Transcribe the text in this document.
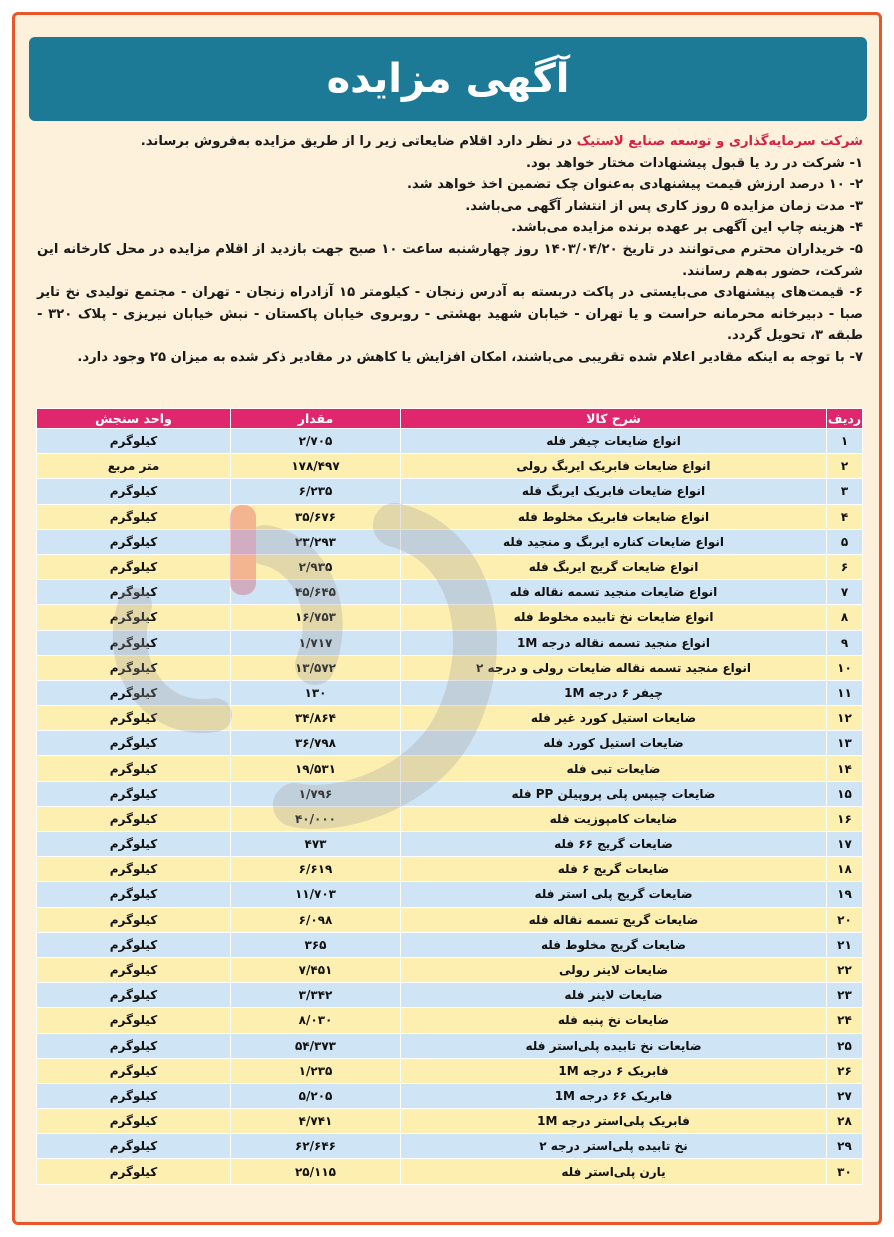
آگهی مزایده

شرکت سرمایه‌گذاری و توسعه صنایع لاستیک در نظر دارد اقلام ضایعاتی زیر را از طریق مزایده به‌فروش برساند.

۱- شرکت در رد یا قبول پیشنهادات مختار خواهد بود.

۲- ۱۰ درصد ارزش قیمت پیشنهادی به‌عنوان چک تضمین اخذ خواهد شد.

۳- مدت زمان مزایده ۵ روز کاری پس از انتشار آگهی می‌باشد.

۴- هزینه چاپ این آگهی بر عهده برنده مزایده می‌باشد.

۵- خریداران محترم می‌توانند در تاریخ ۱۴۰۳/۰۴/۲۰ روز چهارشنبه ساعت ۱۰ صبح جهت بازدید از اقلام مزایده در محل کارخانه این شرکت، حضور به‌هم رسانند.

۶- قیمت‌های پیشنهادی می‌بایستی در پاکت دربسته به آدرس زنجان - کیلومتر ۱۵ آزادراه زنجان - تهران - مجتمع تولیدی نخ تایر صبا - دبیرخانه محرمانه حراست و یا تهران - خیابان شهید بهشتی - روبروی خیابان پاکستان - نبش خیابان نیریزی - پلاک ۳۲۰ - طبقه ۳، تحویل گردد.

۷- با توجه به اینکه مقادیر اعلام شده تقریبی می‌باشند، امکان افزایش یا کاهش در مقادیر ذکر شده به میزان ۲۵ وجود دارد.

ردیف	شرح کالا	مقدار	واحد سنجش
۱	انواع ضایعات چیفر فله	۲/۷۰۵	کیلوگرم
۲	انواع ضایعات فابریک ایربگ رولی	۱۷۸/۴۹۷	متر مربع
۳	انواع ضایعات فابریک ایربگ فله	۶/۲۳۵	کیلوگرم
۴	انواع ضایعات فابریک مخلوط فله	۳۵/۶۷۶	کیلوگرم
۵	انواع ضایعات کناره ایربگ و منجید فله	۲۳/۲۹۳	کیلوگرم
۶	انواع ضایعات گریج ایربگ فله	۲/۹۳۵	کیلوگرم
۷	انواع ضایعات منجید تسمه نقاله فله	۴۵/۶۴۵	کیلوگرم
۸	انواع ضایعات نخ تابیده مخلوط فله	۱۶/۷۵۳	کیلوگرم
۹	انواع منجید تسمه نقاله درجه 1M	۱/۷۱۷	کیلوگرم
۱۰	انواع منجید تسمه نقاله ضایعات رولی و درجه ۲	۱۳/۵۷۲	کیلوگرم
۱۱	چیفر ۶ درجه 1M	۱۳۰	کیلوگرم
۱۲	ضایعات استیل کورد غیر فله	۳۴/۸۶۴	کیلوگرم
۱۳	ضایعات استیل کورد فله	۳۶/۷۹۸	کیلوگرم
۱۴	ضایعات تبی فله	۱۹/۵۳۱	کیلوگرم
۱۵	ضایعات چیپس پلی پروپیلن PP فله	۱/۷۹۶	کیلوگرم
۱۶	ضایعات کامپوزیت فله	۴۰/۰۰۰	کیلوگرم
۱۷	ضایعات گریج ۶۶ فله	۴۷۳	کیلوگرم
۱۸	ضایعات گریج ۶ فله	۶/۶۱۹	کیلوگرم
۱۹	ضایعات گریج پلی استر فله	۱۱/۷۰۳	کیلوگرم
۲۰	ضایعات گریج تسمه نقاله فله	۶/۰۹۸	کیلوگرم
۲۱	ضایعات گریج مخلوط فله	۳۶۵	کیلوگرم
۲۲	ضایعات لاینر رولی	۷/۴۵۱	کیلوگرم
۲۳	ضایعات لاینر فله	۳/۳۴۲	کیلوگرم
۲۴	ضایعات نخ پنبه فله	۸/۰۳۰	کیلوگرم
۲۵	ضایعات نخ تابیده پلی‌استر فله	۵۴/۳۷۳	کیلوگرم
۲۶	فابریک ۶ درجه 1M	۱/۲۳۵	کیلوگرم
۲۷	فابریک ۶۶ درجه 1M	۵/۲۰۵	کیلوگرم
۲۸	فابریک پلی‌استر درجه 1M	۴/۷۴۱	کیلوگرم
۲۹	نخ تابیده پلی‌استر درجه ۲	۶۲/۶۴۶	کیلوگرم
۳۰	یارن پلی‌استر فله	۲۵/۱۱۵	کیلوگرم
